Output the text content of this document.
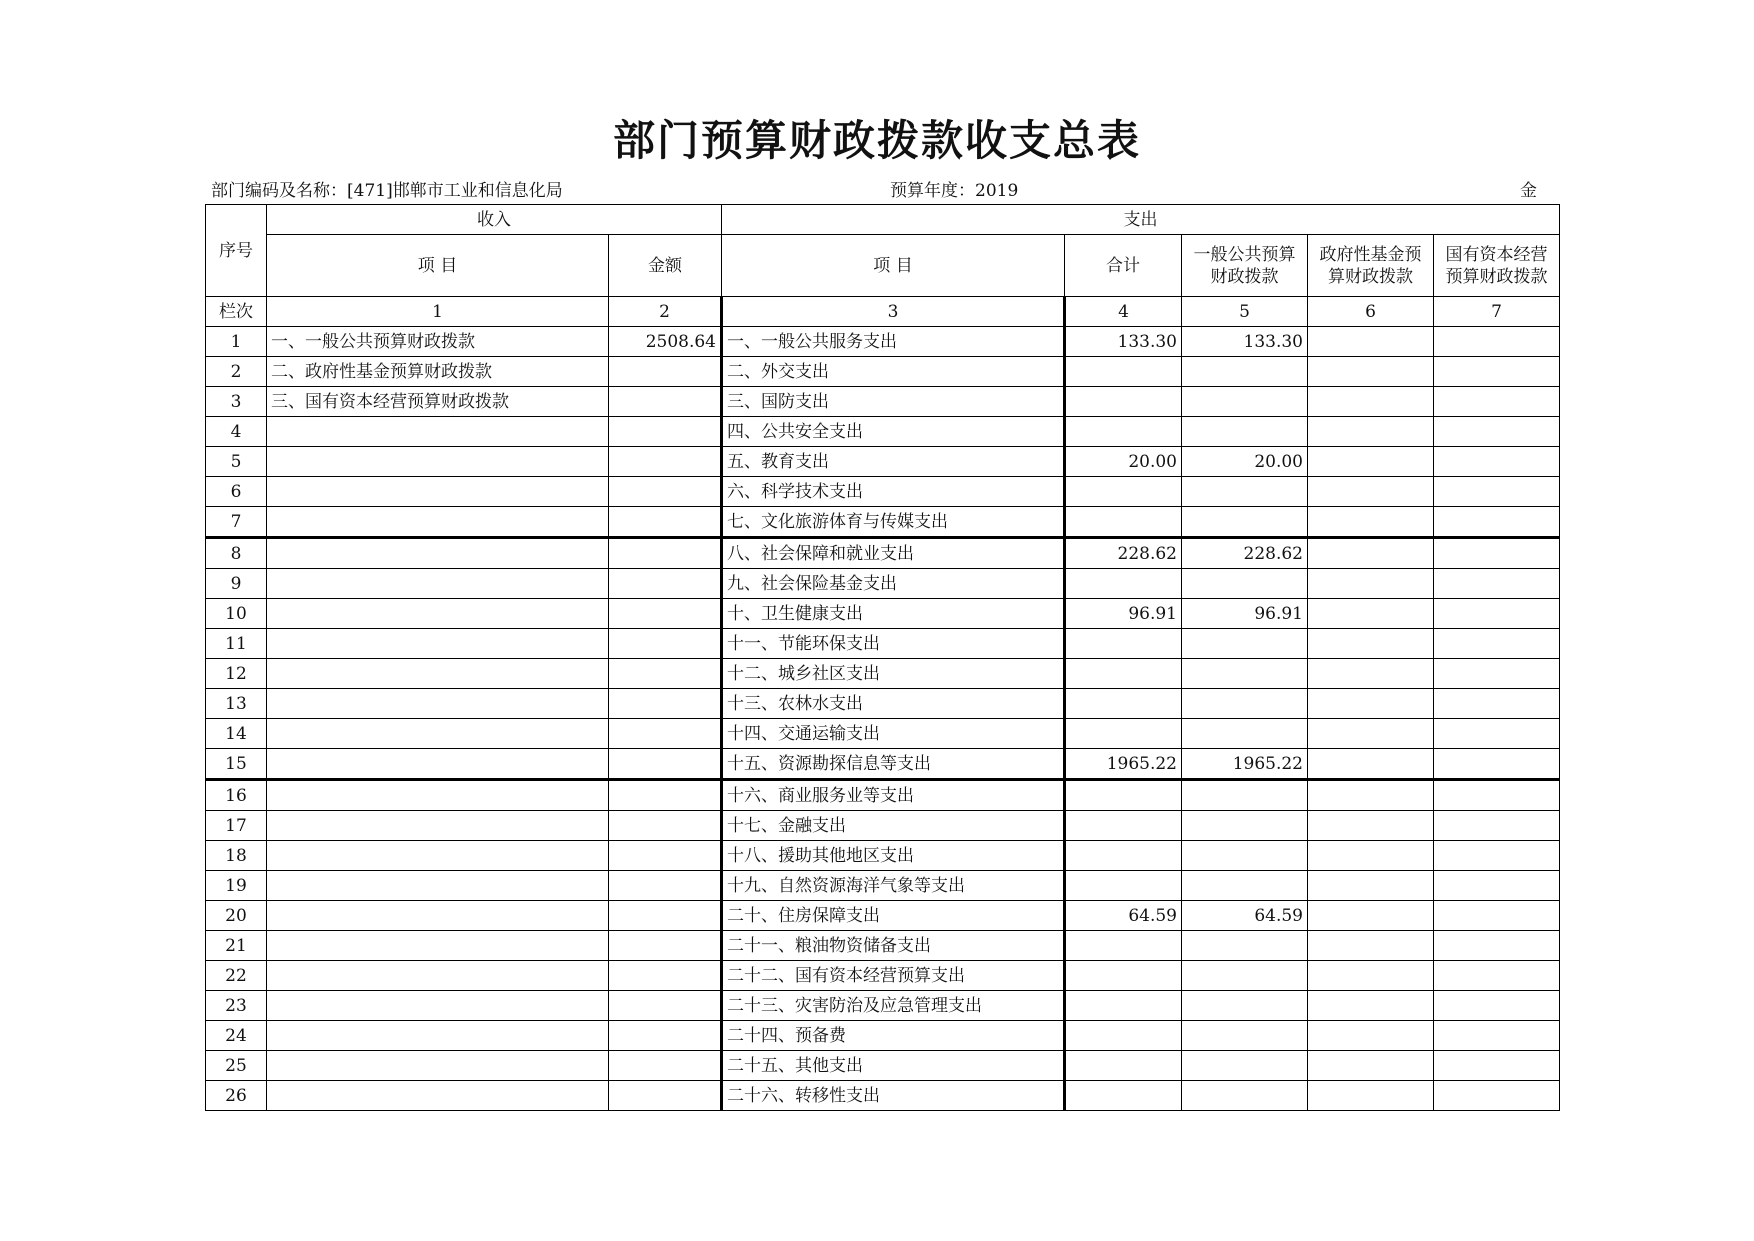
部门预算财政拨款收支总表
部门编码及名称：[471]邯郸市工业和信息化局	预算年度：2019	金
序号	收入		支出				
	项 目	金额	项 目	合计	一般公共预算财政拨款	政府性基金预算财政拨款	国有资本经营预算财政拨款
栏次	1	2	3	4	5	6	7
1	一、一般公共预算财政拨款	2508.64	一、一般公共服务支出	133.30	133.30		
2	二、政府性基金预算财政拨款		二、外交支出				
3	三、国有资本经营预算财政拨款		三、国防支出				
4			四、公共安全支出				
5			五、教育支出	20.00	20.00		
6			六、科学技术支出				
7			七、文化旅游体育与传媒支出				
8			八、社会保障和就业支出	228.62	228.62		
9			九、社会保险基金支出				
10			十、卫生健康支出	96.91	96.91		
11			十一、节能环保支出				
12			十二、城乡社区支出				
13			十三、农林水支出				
14			十四、交通运输支出				
15			十五、资源勘探信息等支出	1965.22	1965.22		
16			十六、商业服务业等支出				
17			十七、金融支出				
18			十八、援助其他地区支出				
19			十九、自然资源海洋气象等支出				
20			二十、住房保障支出	64.59	64.59		
21			二十一、粮油物资储备支出				
22			二十二、国有资本经营预算支出				
23			二十三、灾害防治及应急管理支出				
24			二十四、预备费				
25			二十五、其他支出				
26			二十六、转移性支出				
